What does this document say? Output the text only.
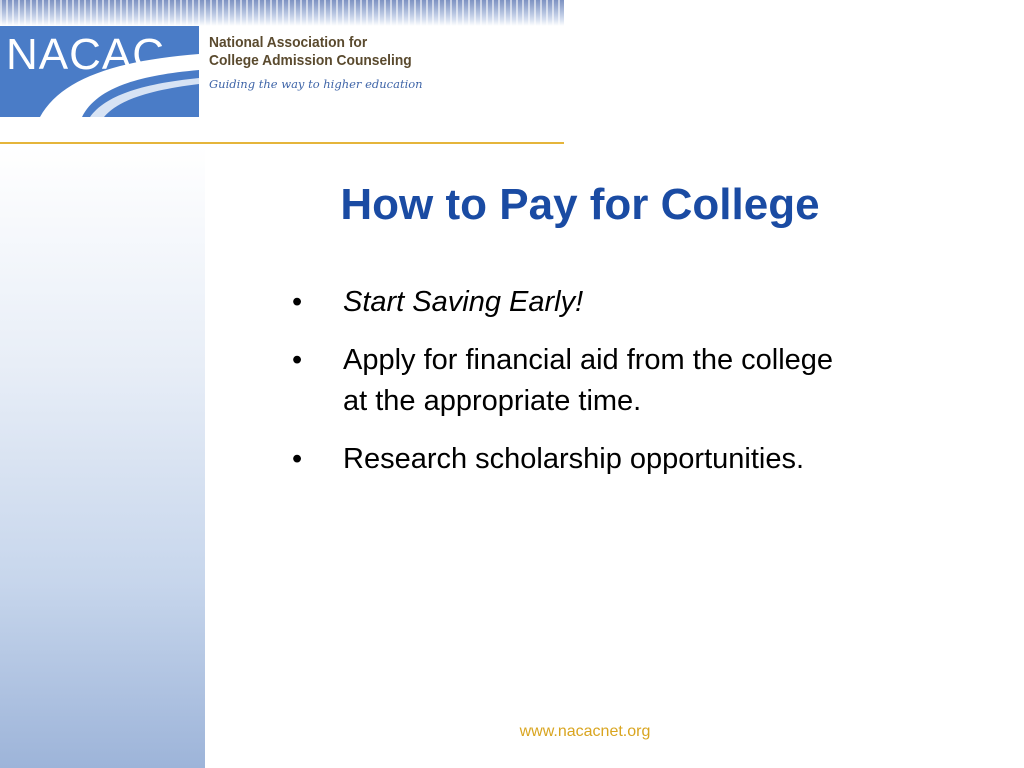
NACAC	National Association for
College Admission Counseling
Guiding the way to higher education
How to Pay for College
• Start Saving Early!
• Apply for financial aid from the college at the appropriate time.
• Research scholarship opportunities.
www.nacacnet.org
